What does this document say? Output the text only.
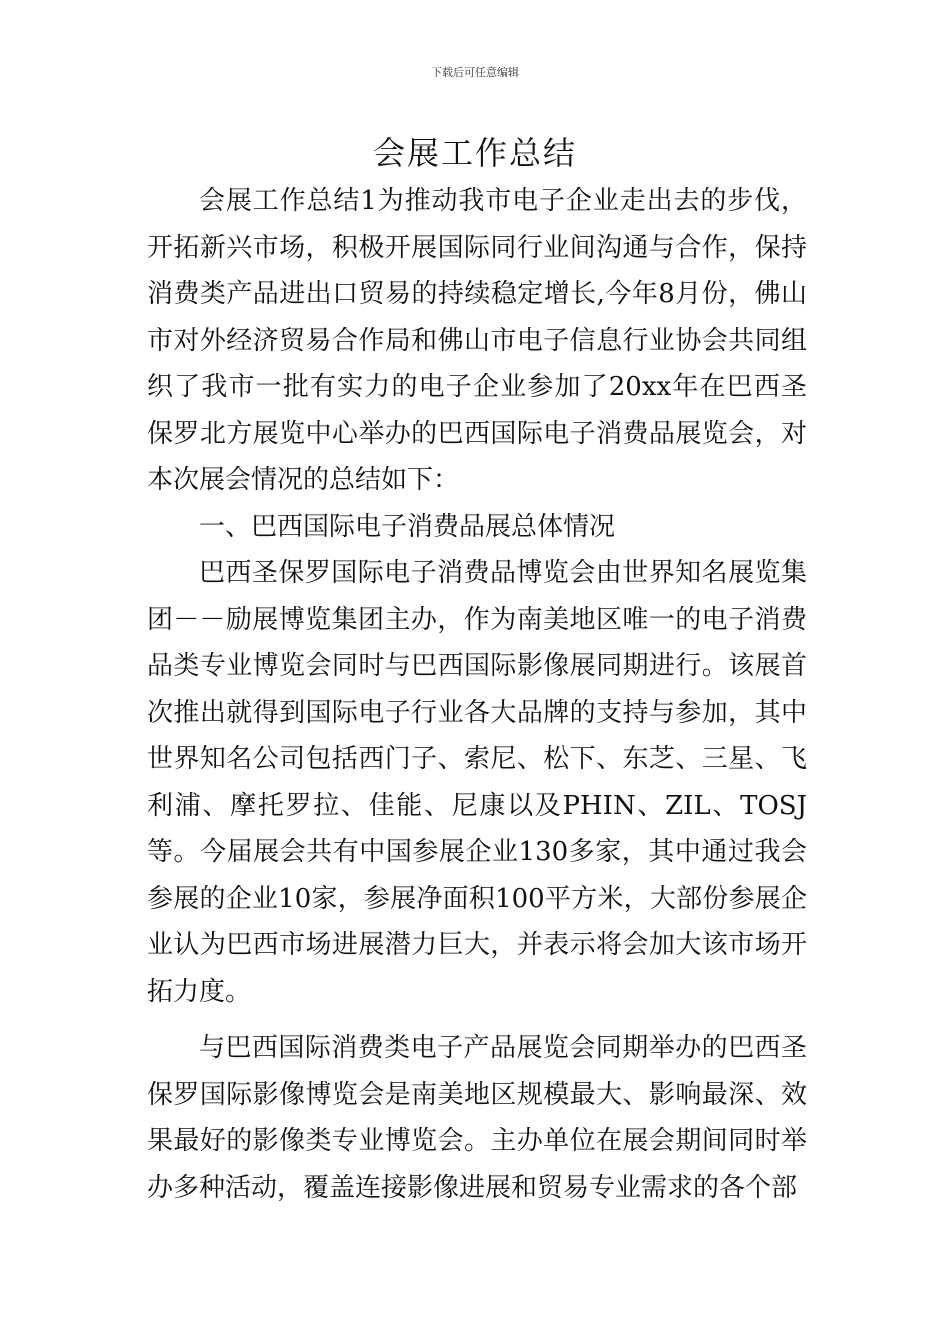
下载后可任意编辑
会展工作总结

会展工作总结1为推动我市电子企业走出去的步伐，开拓新兴市场，积极开展国际同行业间沟通与合作，保持消费类产品进出口贸易的持续稳定增长,今年8月份，佛山市对外经济贸易合作局和佛山市电子信息行业协会共同组织了我市一批有实力的电子企业参加了20xx年在巴西圣保罗北方展览中心举办的巴西国际电子消费品展览会，对本次展会情况的总结如下：

一、巴西国际电子消费品展总体情况

巴西圣保罗国际电子消费品博览会由世界知名展览集团－－励展博览集团主办，作为南美地区唯一的电子消费品类专业博览会同时与巴西国际影像展同期进行。该展首次推出就得到国际电子行业各大品牌的支持与参加，其中世界知名公司包括西门子、索尼、松下、东芝、三星、飞利浦、摩托罗拉、佳能、尼康以及PHIN、ZIL、TOSJ等。今届展会共有中国参展企业130多家，其中通过我会参展的企业10家，参展净面积100平方米，大部份参展企业认为巴西市场进展潜力巨大，并表示将会加大该市场开拓力度。

与巴西国际消费类电子产品展览会同期举办的巴西圣保罗国际影像博览会是南美地区规模最大、影响最深、效果最好的影像类专业博览会。主办单位在展会期间同时举办多种活动，覆盖连接影像进展和贸易专业需求的各个部
